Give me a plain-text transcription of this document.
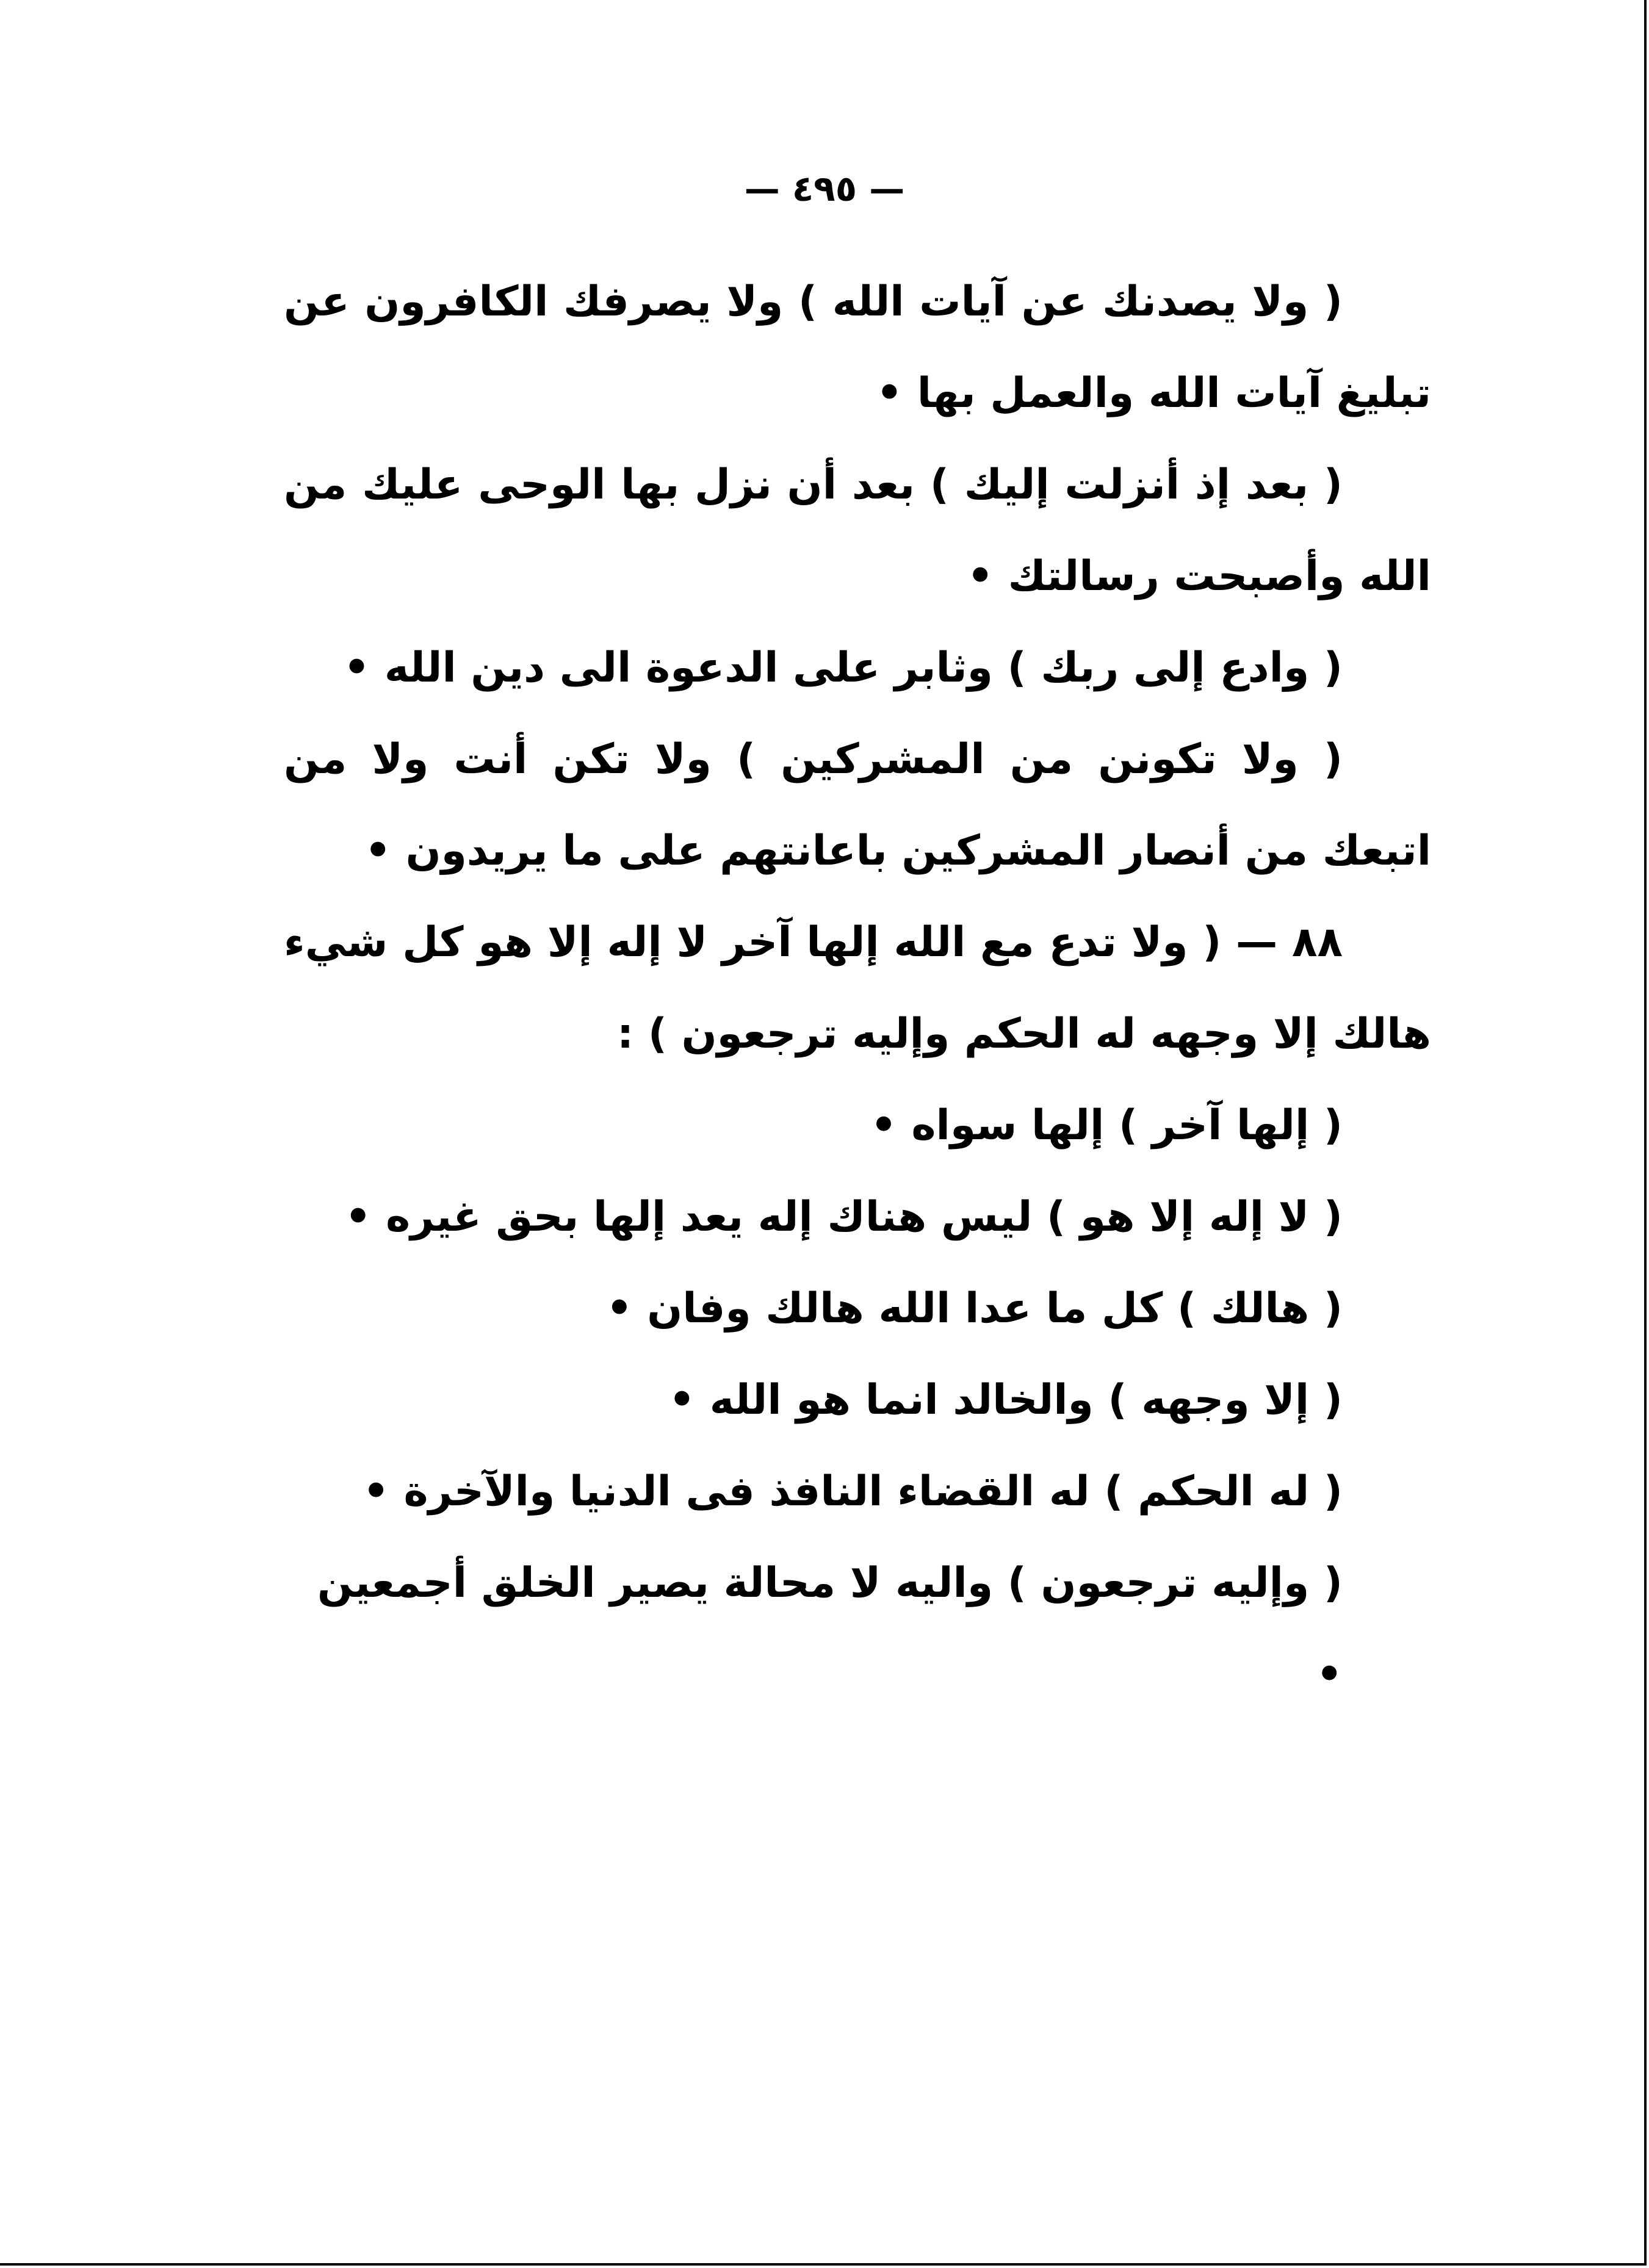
— ٤٩٥ —

( ولا يصدنك عن آيات الله ) ولا يصرفك الكافرون عن تبليغ آيات الله والعمل بها •

( بعد إذ أنزلت إليك ) بعد أن نزل بها الوحى عليك من الله وأصبحت رسالتك •

( وادع إلى ربك ) وثابر على الدعوة الى دين الله •

( ولا تكونن من المشركين ) ولا تكن أنت ولا من اتبعك من أنصار المشركين باعانتهم على ما يريدون •

٨٨ — ( ولا تدع مع الله إلها آخر لا إله إلا هو كل شيء هالك إلا وجهه له الحكم وإليه ترجعون ) :

( إلها آخر ) إلها سواه •

( لا إله إلا هو ) ليس هناك إله يعد إلها بحق غيره •

( هالك ) كل ما عدا الله هالك وفان •

( إلا وجهه ) والخالد انما هو الله •

( له الحكم ) له القضاء النافذ فى الدنيا والآخرة •

( وإليه ترجعون ) واليه لا محالة يصير الخلق أجمعين •
